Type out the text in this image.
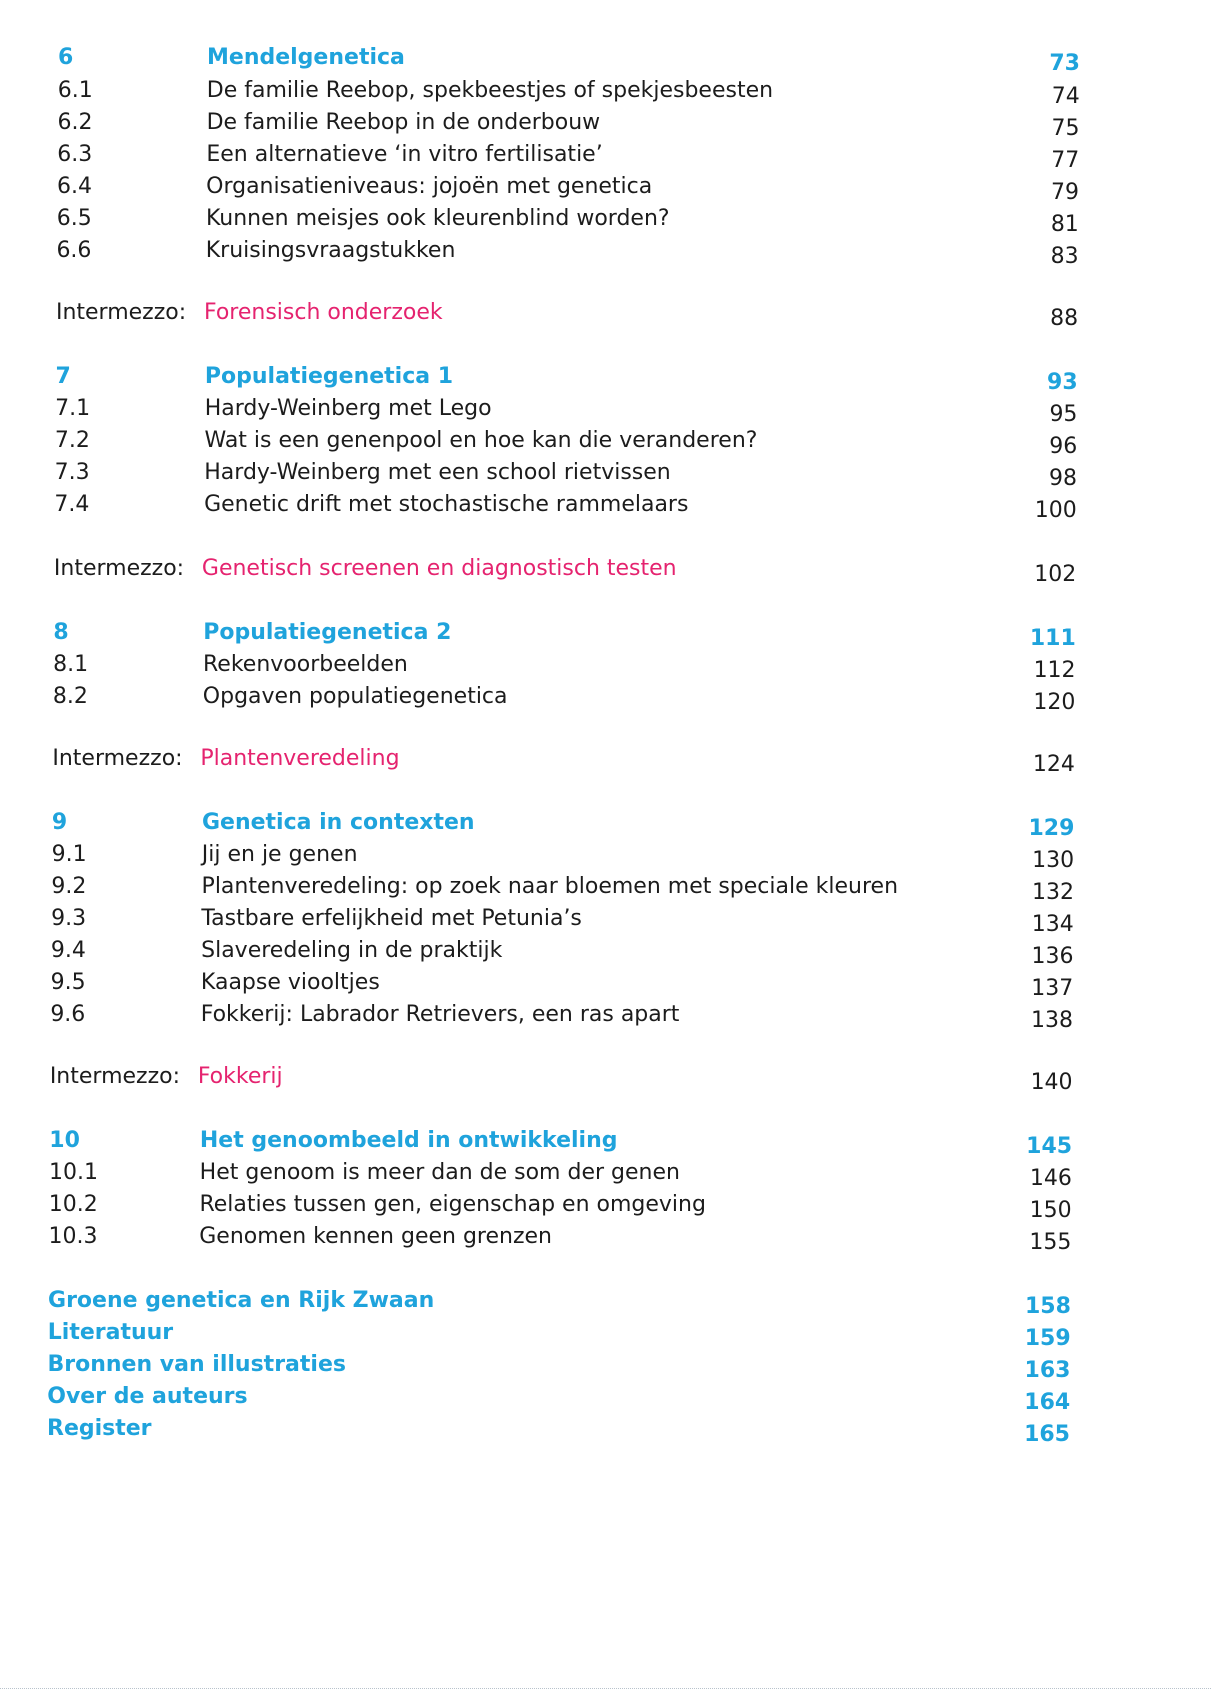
6	Mendelgenetica	73
6.1	De familie Reebop, spekbeestjes of spekjesbeesten	74
6.2	De familie Reebop in de onderbouw	75
6.3	Een alternatieve ‘in vitro fertilisatie’	77
6.4	Organisatieniveaus: jojoën met genetica	79
6.5	Kunnen meisjes ook kleurenblind worden?	81
6.6	Kruisingsvraagstukken	83
Intermezzo: Forensisch onderzoek	88
7	Populatiegenetica 1	93
7.1	Hardy-Weinberg met Lego	95
7.2	Wat is een genenpool en hoe kan die veranderen?	96
7.3	Hardy-Weinberg met een school rietvissen	98
7.4	Genetic drift met stochastische rammelaars	100
Intermezzo: Genetisch screenen en diagnostisch testen	102
8	Populatiegenetica 2	111
8.1	Rekenvoorbeelden	112
8.2	Opgaven populatiegenetica	120
Intermezzo: Plantenveredeling	124
9	Genetica in contexten	129
9.1	Jij en je genen	130
9.2	Plantenveredeling: op zoek naar bloemen met speciale kleuren	132
9.3	Tastbare erfelijkheid met Petunia’s	134
9.4	Slaveredeling in de praktijk	136
9.5	Kaapse viooltjes	137
9.6	Fokkerij: Labrador Retrievers, een ras apart	138
Intermezzo: Fokkerij	140
10	Het genoombeeld in ontwikkeling	145
10.1	Het genoom is meer dan de som der genen	146
10.2	Relaties tussen gen, eigenschap en omgeving	150
10.3	Genomen kennen geen grenzen	155
Groene genetica en Rijk Zwaan	158
Literatuur	159
Bronnen van illustraties	163
Over de auteurs	164
Register	165
